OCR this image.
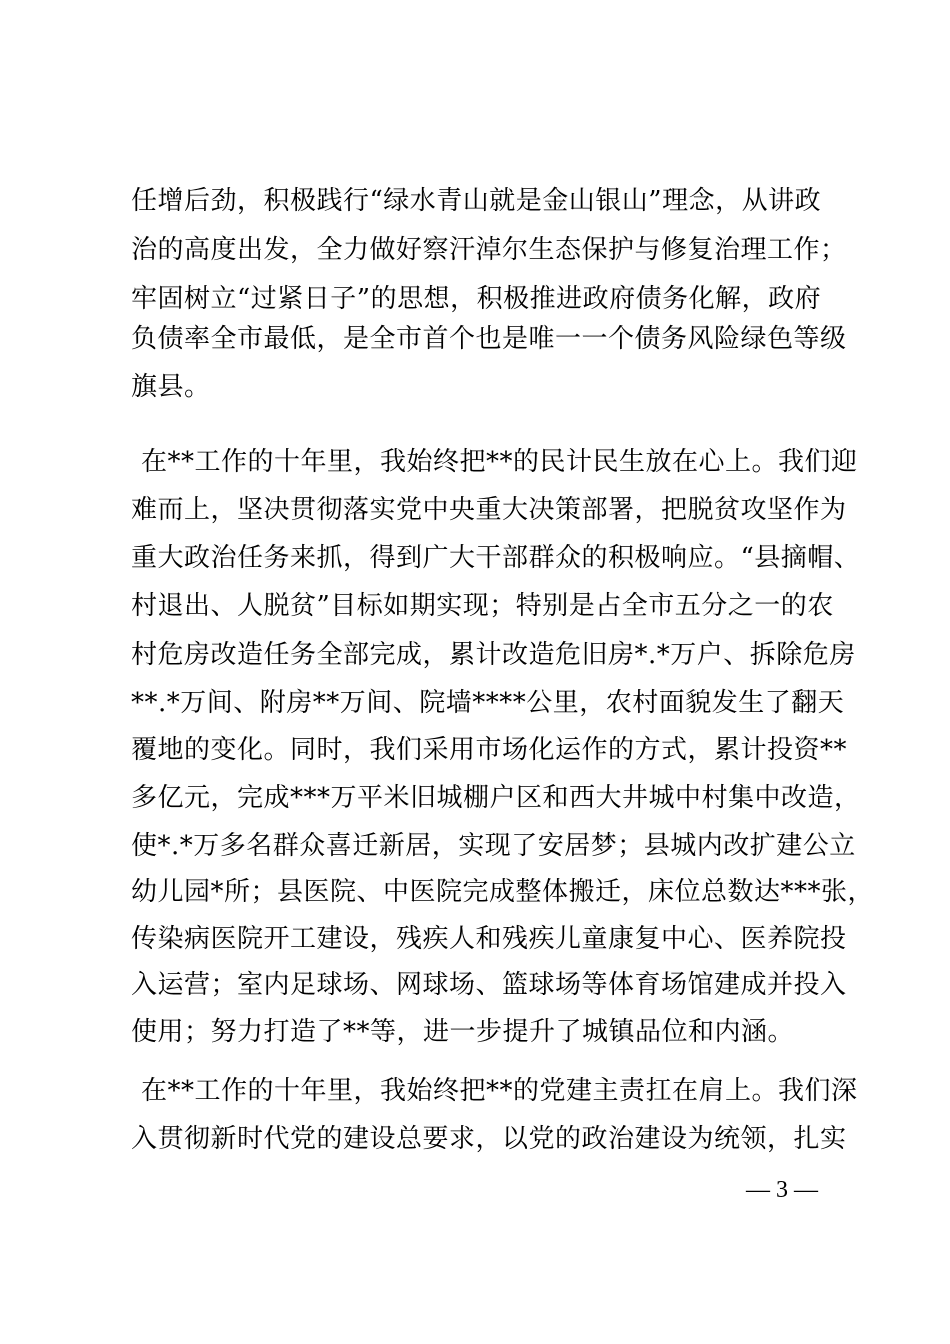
任增后劲，积极践行“绿水青山就是金山银山”理念，从讲政
治的高度出发，全力做好察汗淖尔生态保护与修复治理工作；
牢固树立“过紧日子”的思想，积极推进政府债务化解，政府
负债率全市最低，是全市首个也是唯一一个债务风险绿色等级
旗县。
在**工作的十年里，我始终把**的民计民生放在心上。我们迎
难而上，坚决贯彻落实党中央重大决策部署，把脱贫攻坚作为
重大政治任务来抓，得到广大干部群众的积极响应。“县摘帽、
村退出、人脱贫”目标如期实现；特别是占全市五分之一的农
村危房改造任务全部完成，累计改造危旧房*.*万户、拆除危房
**.*万间、附房**万间、院墙****公里，农村面貌发生了翻天
覆地的变化。同时，我们采用市场化运作的方式，累计投资**
多亿元，完成***万平米旧城棚户区和西大井城中村集中改造，
使*.*万多名群众喜迁新居，实现了安居梦；县城内改扩建公立
幼儿园*所；县医院、中医院完成整体搬迁，床位总数达***张，
传染病医院开工建设，残疾人和残疾儿童康复中心、医养院投
入运营；室内足球场、网球场、篮球场等体育场馆建成并投入
使用；努力打造了**等，进一步提升了城镇品位和内涵。
在**工作的十年里，我始终把**的党建主责扛在肩上。我们深
入贯彻新时代党的建设总要求，以党的政治建设为统领，扎实
— 3 —
